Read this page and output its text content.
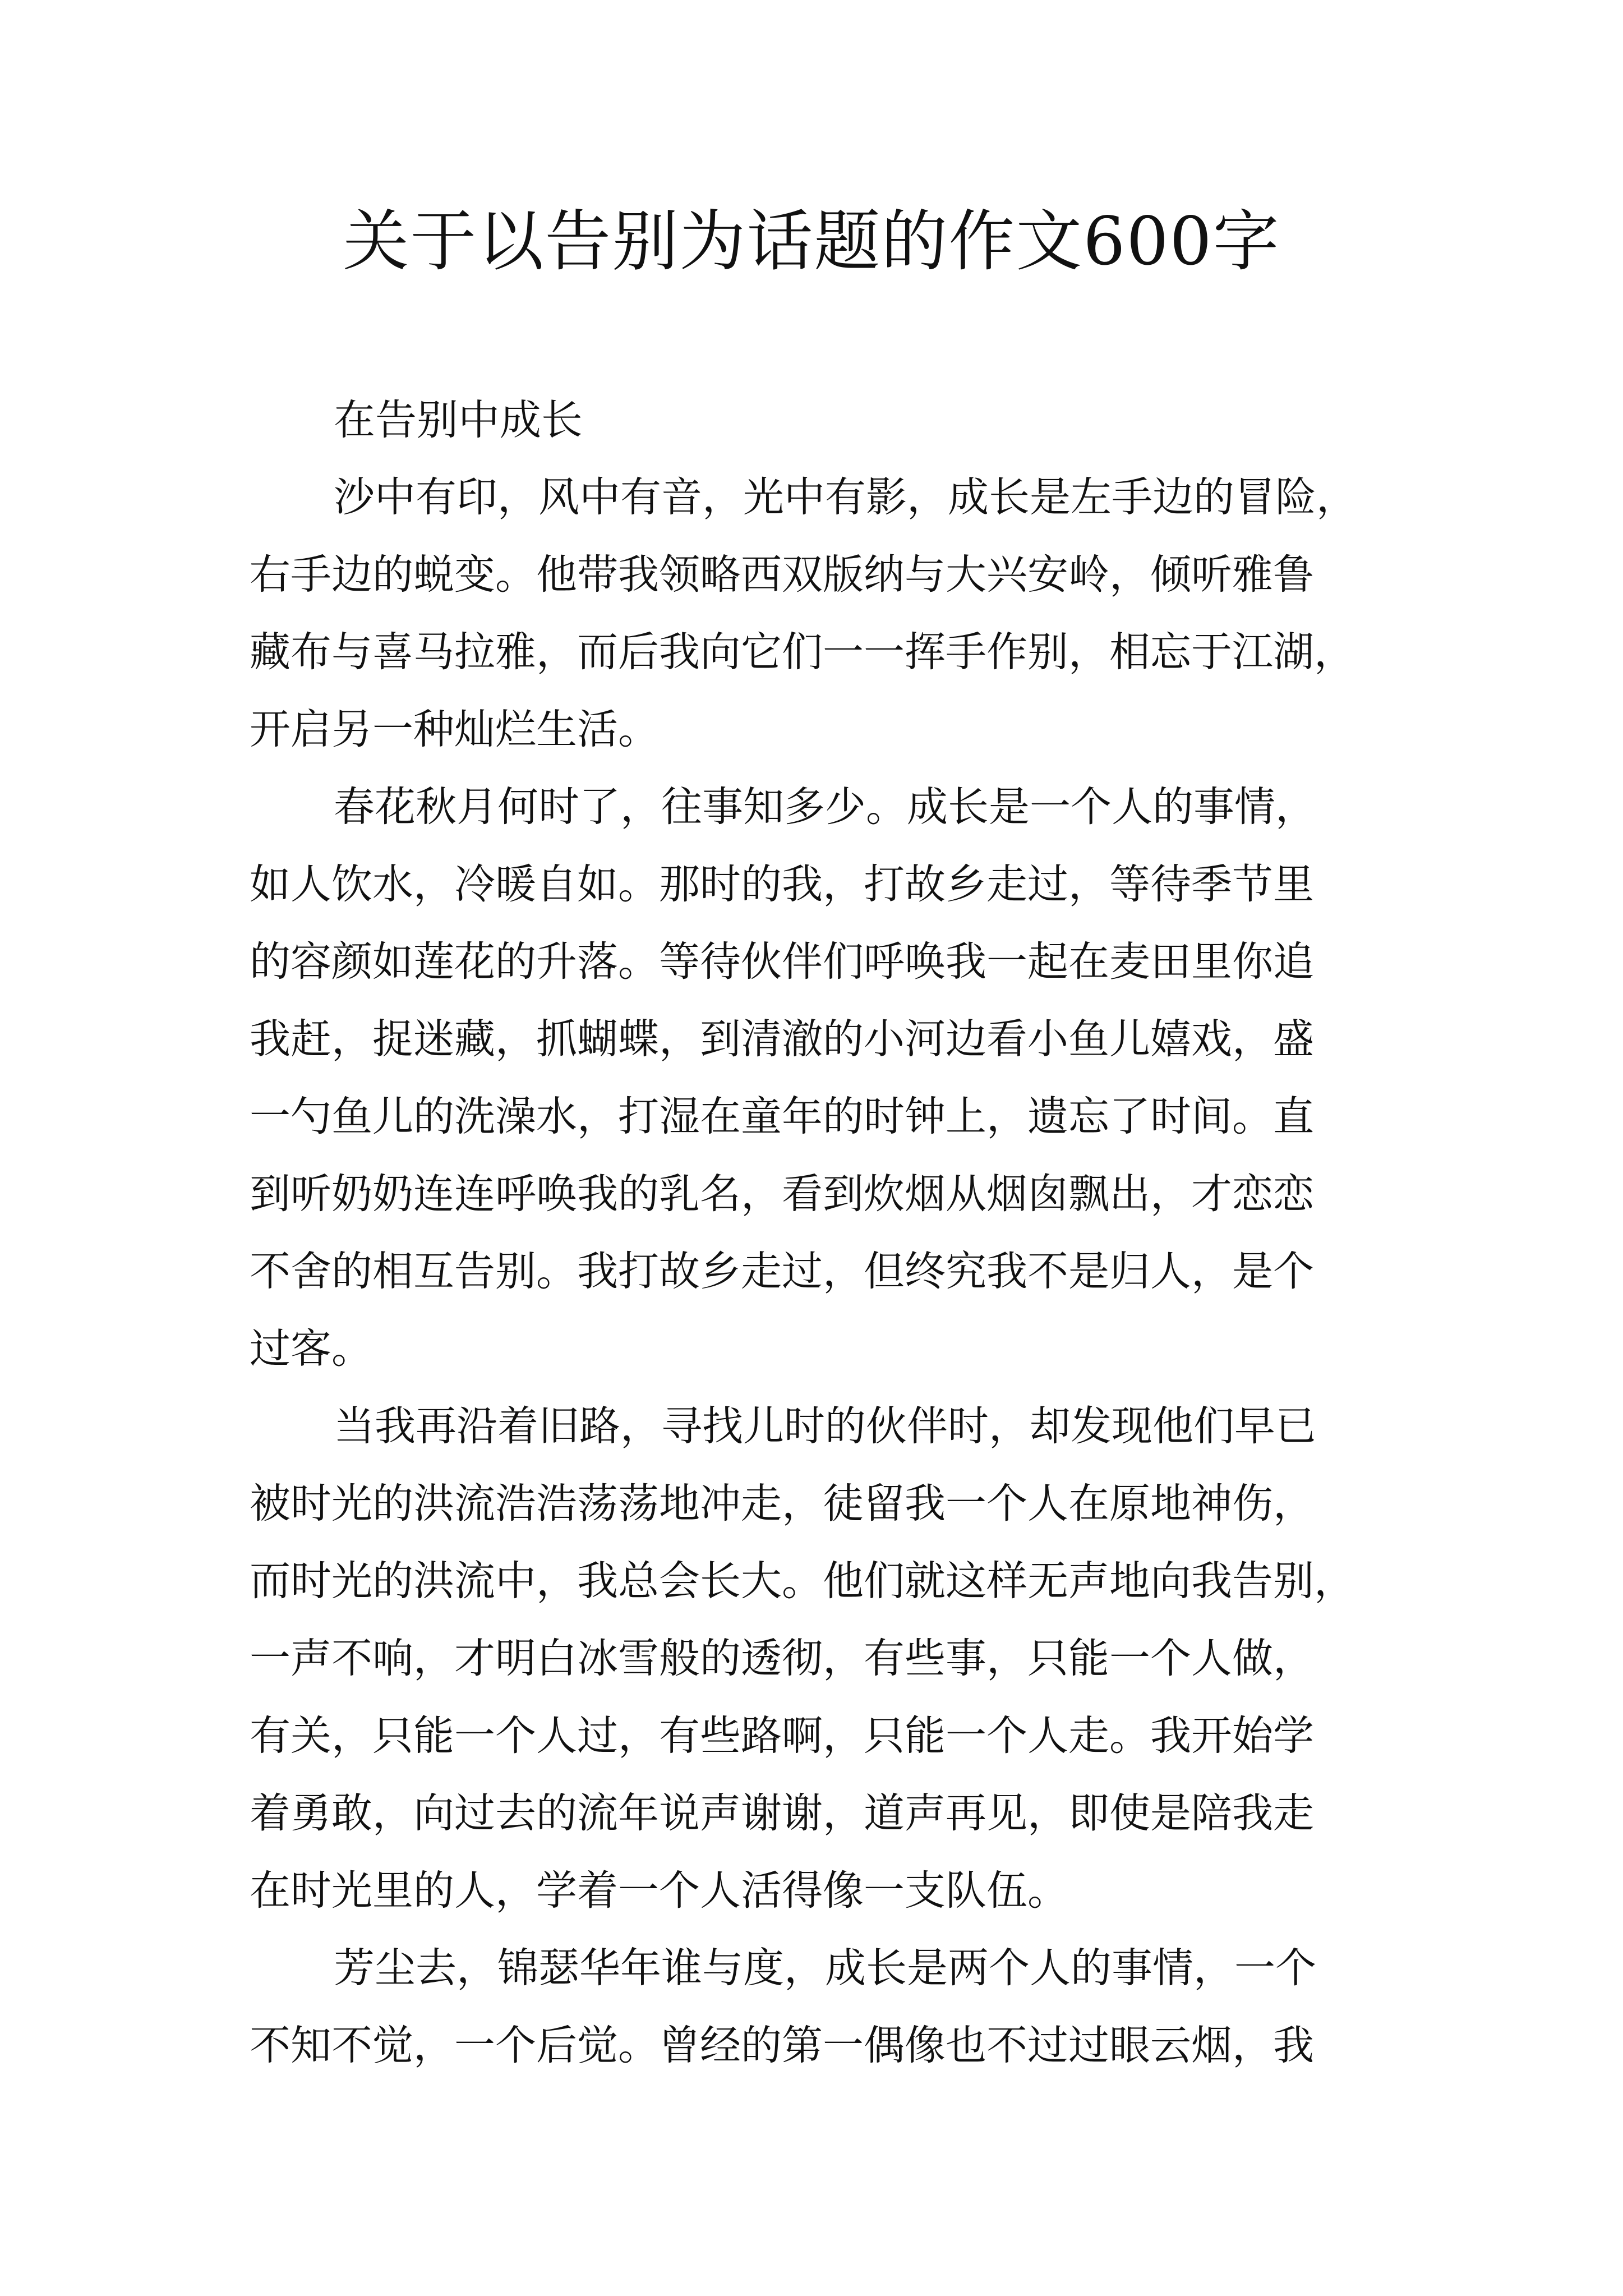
关于以告别为话题的作文600字

在告别中成长

沙中有印，风中有音，光中有影，成长是左手边的冒险，
右手边的蜕变。他带我领略西双版纳与大兴安岭，倾听雅鲁
藏布与喜马拉雅，而后我向它们一一挥手作别，相忘于江湖，
开启另一种灿烂生活。

春花秋月何时了，往事知多少。成长是一个人的事情，
如人饮水，冷暖自如。那时的我，打故乡走过，等待季节里
的容颜如莲花的升落。等待伙伴们呼唤我一起在麦田里你追
我赶，捉迷藏，抓蝴蝶，到清澈的小河边看小鱼儿嬉戏，盛
一勺鱼儿的洗澡水，打湿在童年的时钟上，遗忘了时间。直
到听奶奶连连呼唤我的乳名，看到炊烟从烟囱飘出，才恋恋
不舍的相互告别。我打故乡走过，但终究我不是归人，是个
过客。

当我再沿着旧路，寻找儿时的伙伴时，却发现他们早已
被时光的洪流浩浩荡荡地冲走，徒留我一个人在原地神伤，
而时光的洪流中，我总会长大。他们就这样无声地向我告别，
一声不响，才明白冰雪般的透彻，有些事，只能一个人做，
有关，只能一个人过，有些路啊，只能一个人走。我开始学
着勇敢，向过去的流年说声谢谢，道声再见，即使是陪我走
在时光里的人，学着一个人活得像一支队伍。

芳尘去，锦瑟华年谁与度，成长是两个人的事情，一个
不知不觉，一个后觉。曾经的第一偶像也不过过眼云烟，我
